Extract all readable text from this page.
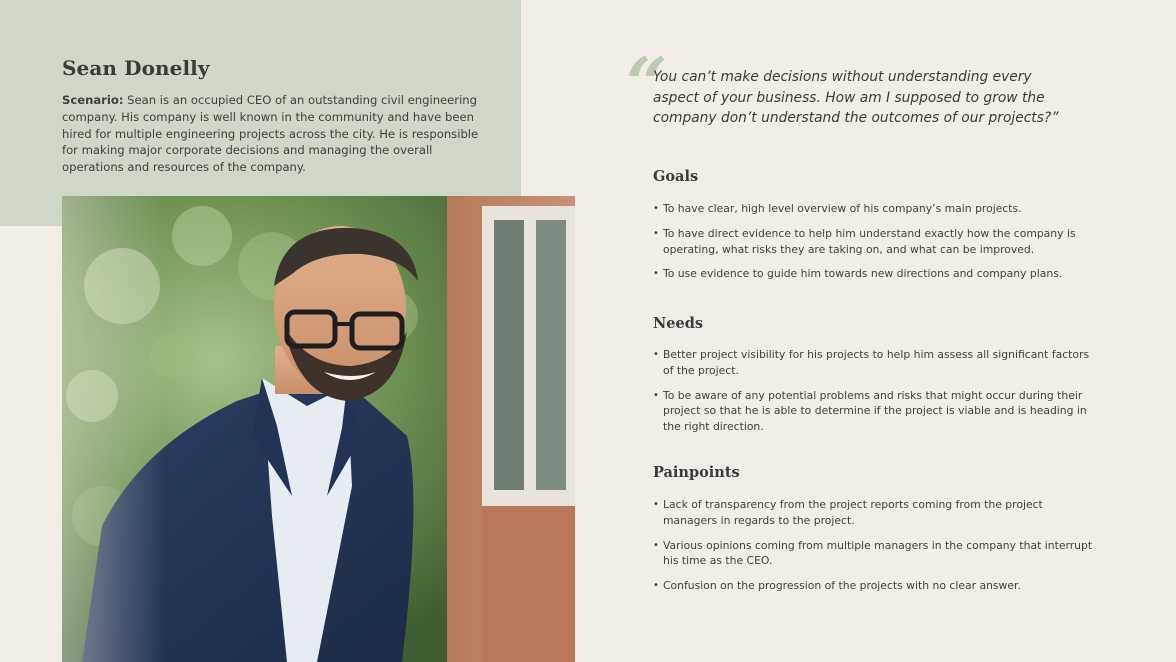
Sean Donelly

Scenario: Sean is an occupied CEO of an outstanding civil engineering company. His company is well known in the community and have been hired for multiple engineering projects across the city. He is responsible for making major corporate decisions and managing the overall operations and resources of the company.

“

You can’t make decisions without understanding every aspect of your business. How am I supposed to grow the company don’t understand the outcomes of our projects?”

Goals
• To have clear, high level overview of his company’s main projects.
• To have direct evidence to help him understand exactly how the company is operating, what risks they are taking on, and what can be improved.
• To use evidence to guide him towards new directions and company plans.
Needs
• Better project visibility for his projects to help him assess all significant factors of the project.
• To be aware of any potential problems and risks that might occur during their project so that he is able to determine if the project is viable and is heading in the right direction.
Painpoints
• Lack of transparency from the project reports coming from the project managers in regards to the project.
• Various opinions coming from multiple managers in the company that interrupt his time as the CEO.
• Confusion on the progression of the projects with no clear answer.
